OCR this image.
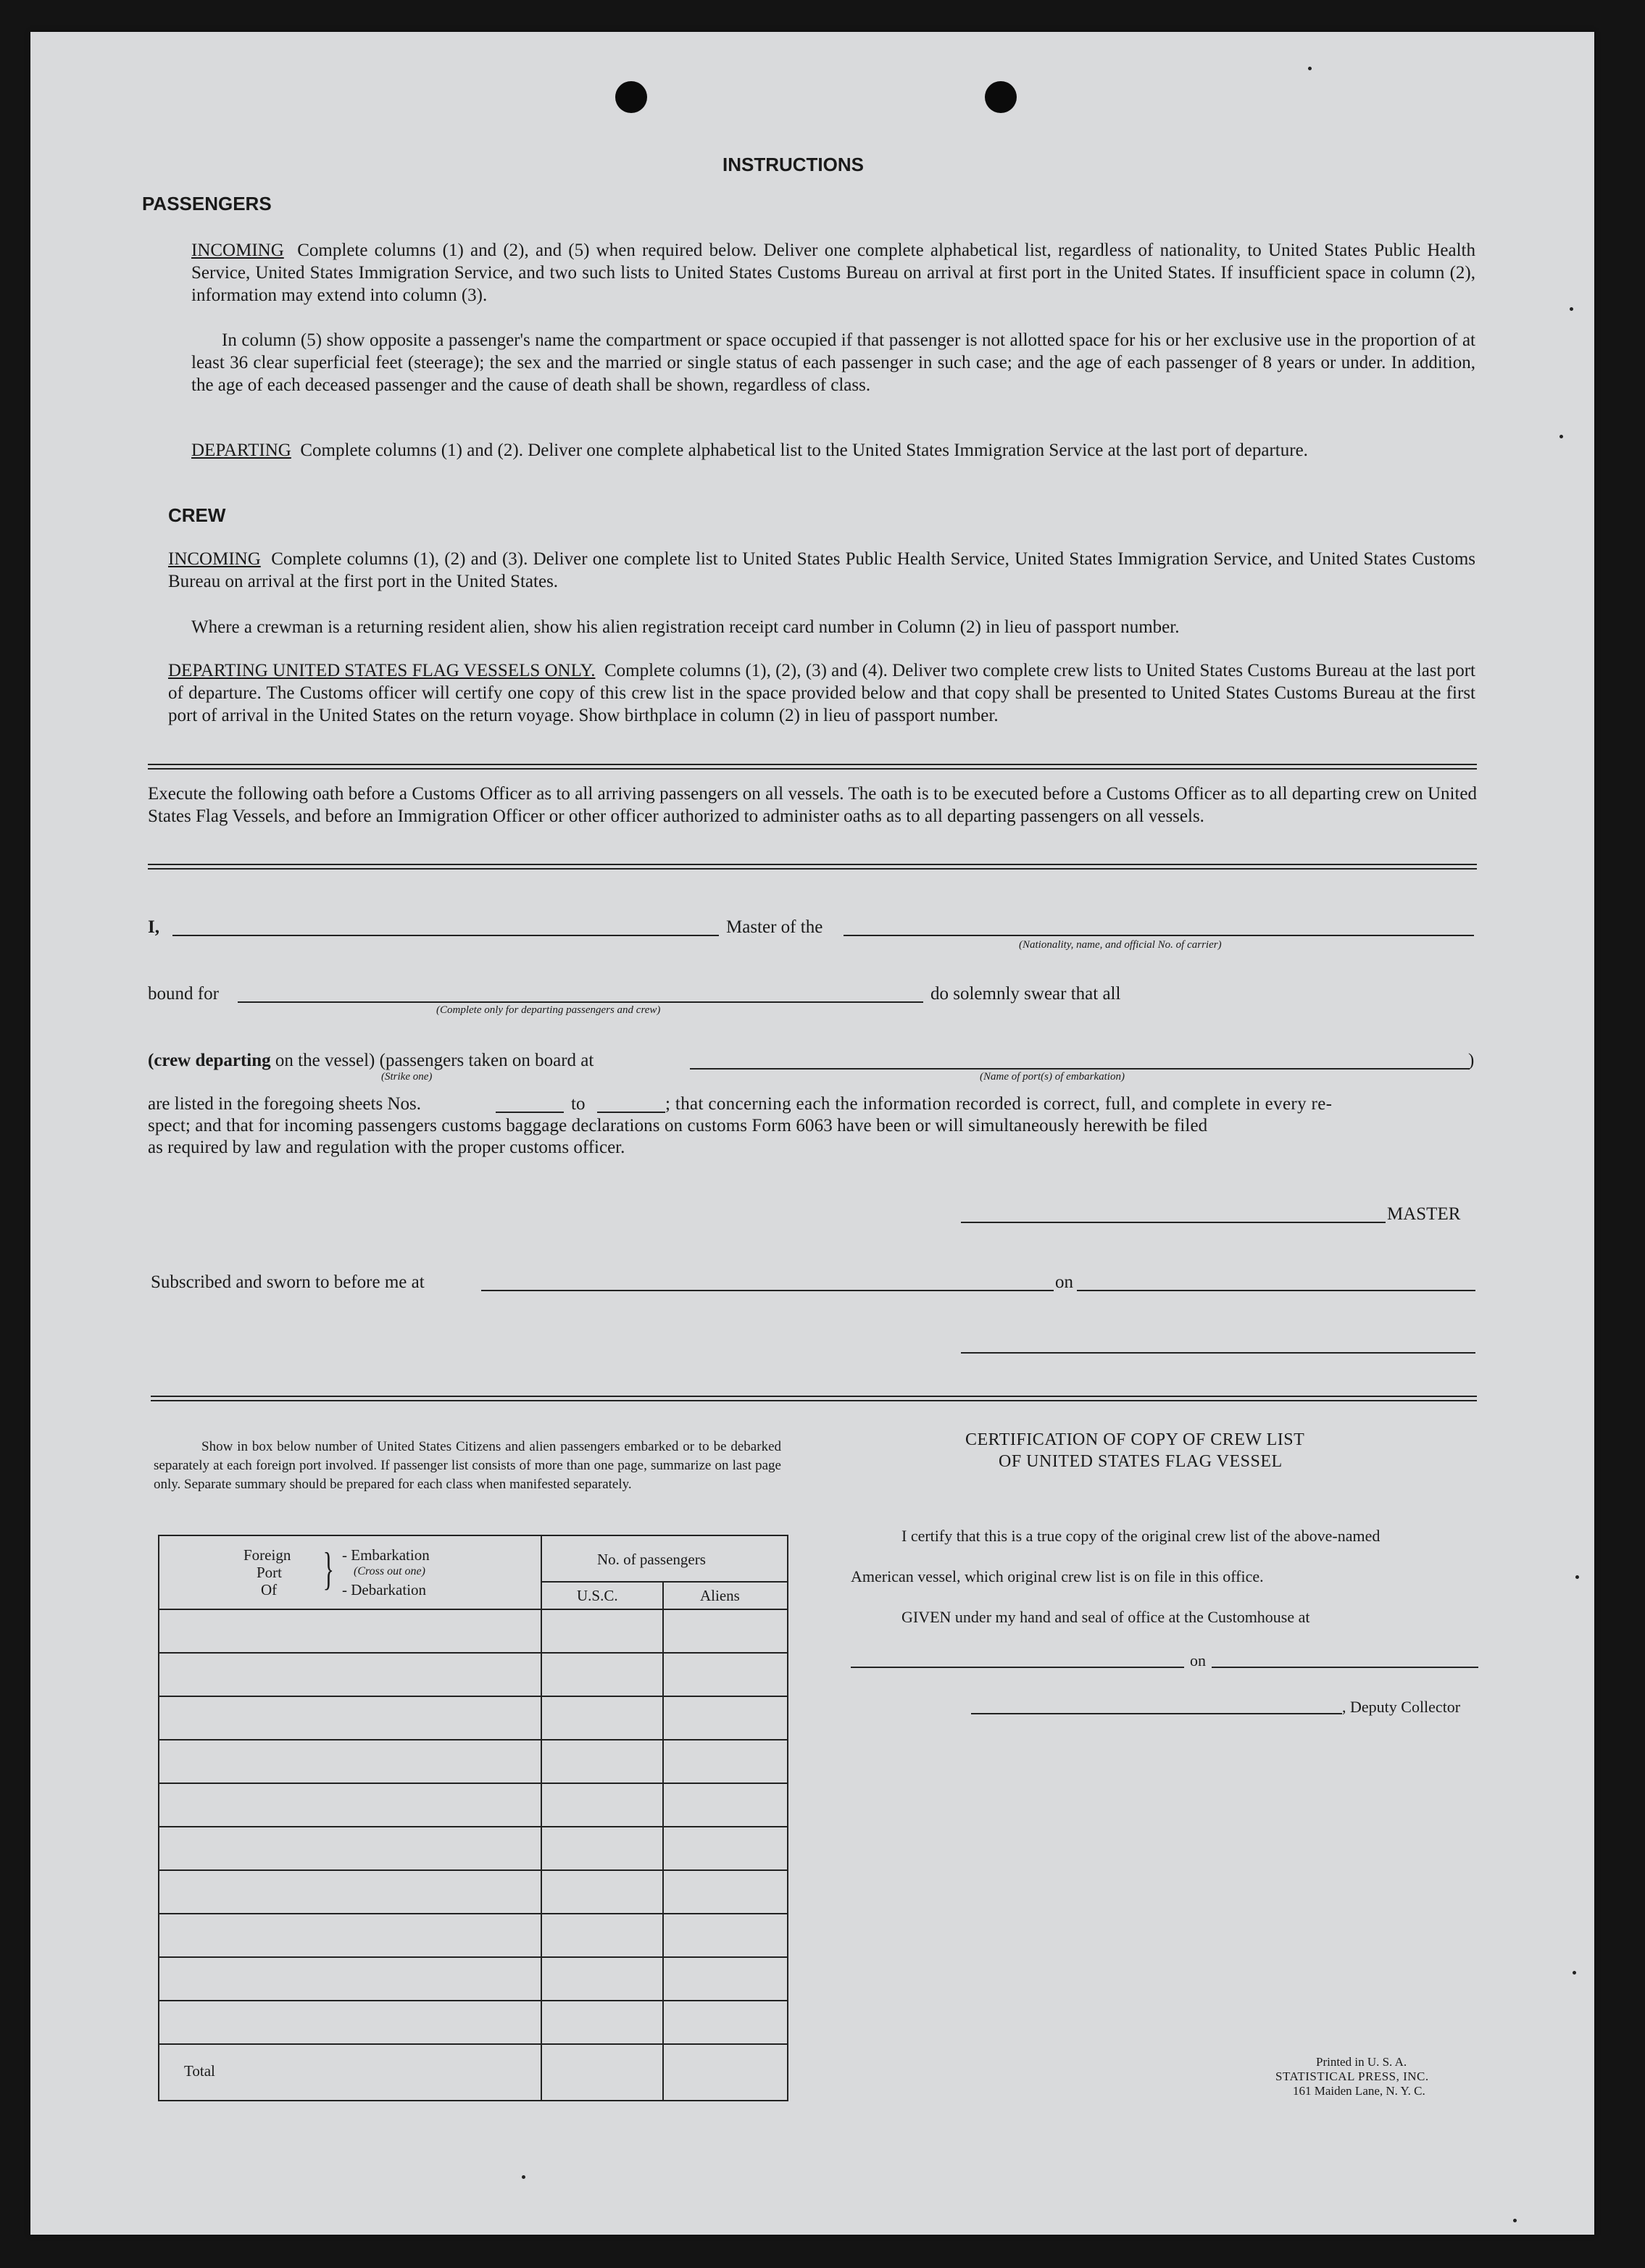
INSTRUCTIONS
PASSENGERS
INCOMING Complete columns (1) and (2), and (5) when required below. Deliver one complete alphabetical list, regardless of nationality, to United States Public Health Service, United States Immigration Service, and two such lists to United States Customs Bureau on arrival at first port in the United States. If insufficient space in column (2), information may extend into column (3).
In column (5) show opposite a passenger's name the compartment or space occupied if that passenger is not allotted space for his or her exclusive use in the proportion of at least 36 clear superficial feet (steerage); the sex and the married or single status of each passenger in such case; and the age of each passenger of 8 years or under. In addition, the age of each deceased passenger and the cause of death shall be shown, regardless of class.
DEPARTING Complete columns (1) and (2). Deliver one complete alphabetical list to the United States Immigration Service at the last port of departure.
CREW
INCOMING Complete columns (1), (2) and (3). Deliver one complete list to United States Public Health Service, United States Immigration Service, and United States Customs Bureau on arrival at the first port in the United States.
Where a crewman is a returning resident alien, show his alien registration receipt card number in Column (2) in lieu of passport number.
DEPARTING UNITED STATES FLAG VESSELS ONLY. Complete columns (1), (2), (3) and (4). Deliver two complete crew lists to United States Customs Bureau at the last port of departure. The Customs officer will certify one copy of this crew list in the space provided below and that copy shall be presented to United States Customs Bureau at the first port of arrival in the United States on the return voyage. Show birthplace in column (2) in lieu of passport number.
Execute the following oath before a Customs Officer as to all arriving passengers on all vessels. The oath is to be executed before a Customs Officer as to all departing crew on United States Flag Vessels, and before an Immigration Officer or other officer authorized to administer oaths as to all departing passengers on all vessels.
I,	Master of the
(Nationality, name, and official No. of carrier)
bound for
(Complete only for departing passengers and crew)
do solemnly swear that all
(crew departing on the vessel) (passengers taken on board at
(Strike one)
)
(Name of port(s) of embarkation)
are listed in the foregoing sheets Nos.	to	; that concerning each the information recorded is correct, full, and complete in every re-
spect; and that for incoming passengers customs baggage declarations on customs Form 6063 have been or will simultaneously herewith be filed
as required by law and regulation with the proper customs officer.
MASTER
Subscribed and sworn to before me at	on
Show in box below number of United States Citizens and alien passengers embarked or to be debarked separately at each foreign port involved. If passenger list consists of more than one page, summarize on last page only. Separate summary should be prepared for each class when manifested separately.
Foreign
Port
Of } - Embarkation
(Cross out one)
- Debarkation
No. of passengers
U.S.C.	Aliens
Total
CERTIFICATION OF COPY OF CREW LIST
OF UNITED STATES FLAG VESSEL
I certify that this is a true copy of the original crew list of the above-named
American vessel, which original crew list is on file in this office.
GIVEN under my hand and seal of office at the Customhouse at
on
, Deputy Collector
Printed in U. S. A.
STATISTICAL PRESS, INC.
161 Maiden Lane, N. Y. C.
